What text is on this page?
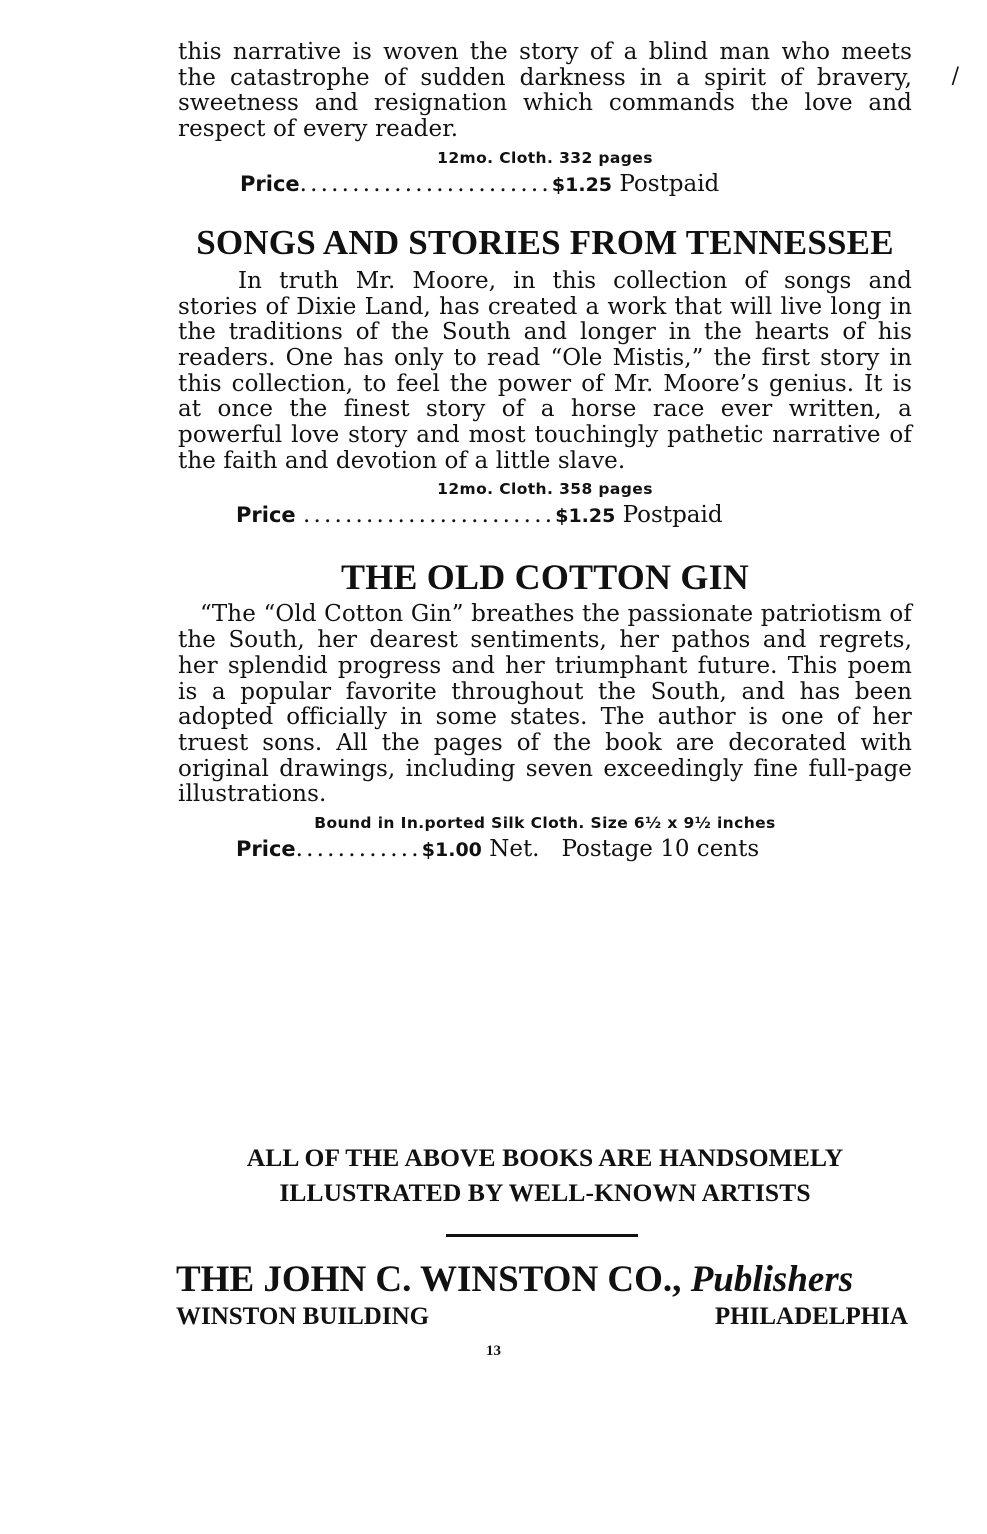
/

this narrative is woven the story of a blind man who meets the catastrophe of sudden darkness in a spirit of bravery, sweetness and resignation which commands the love and respect of every reader.

12mo. Cloth. 332 pages
Price ........................ $1.25
Postpaid
SONGS AND STORIES FROM TENNESSEE

In truth Mr. Moore, in this collection of songs and stories of Dixie Land, has created a work that will live long in the traditions of the South and longer in the hearts of his readers. One has only to read “Ole Mistis,” the first story in this collection, to feel the power of Mr. Moore’s genius. It is at once the finest story of a horse race ever written, a powerful love story and most touchingly pathetic narrative of the faith and devotion of a little slave.

12mo. Cloth. 358 pages
Price
........................ $1.25
Postpaid
THE OLD COTTON GIN

“The “Old Cotton Gin” breathes the passionate patriotism of the South, her dearest sentiments, her pathos and regrets, her splendid progress and her triumphant future. This poem is a popular favorite throughout the South, and has been adopted officially in some states. The author is one of her truest sons. All the pages of the book are decorated with original drawings, including seven exceedingly fine full-page illustrations.

Bound in In.ported Silk Cloth. Size 6½ x 9½ inches
Price ............ $1.00
Net.
Postage 10 cents

ALL OF THE ABOVE BOOKS ARE HANDSOMELY

ILLUSTRATED BY WELL-KNOWN ARTISTS

THE JOHN C. WINSTON CO., Publishers
WINSTON BUILDING	PHILADELPHIA
13
